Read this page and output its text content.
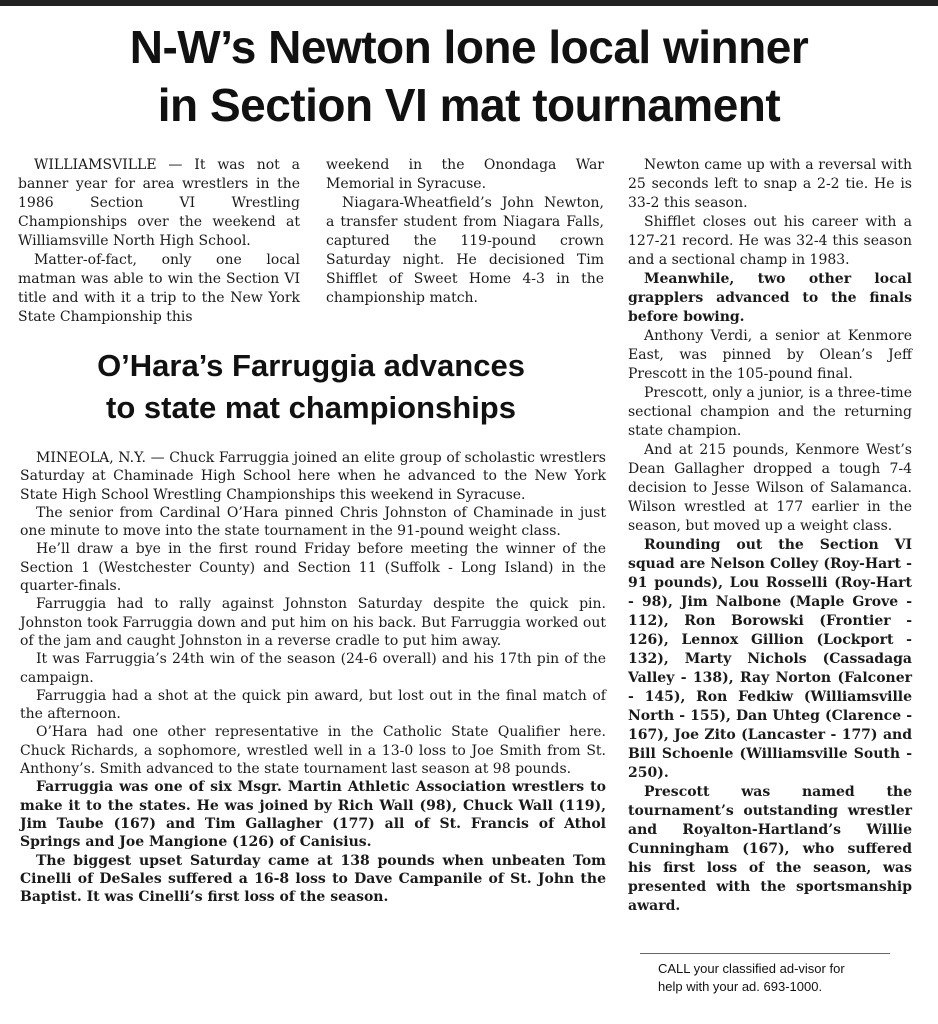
N-W’s Newton lone local winner
in Section VI mat tournament

WILLIAMSVILLE — It was not a banner year for area wrestlers in the 1986 Section VI Wrestling Championships over the weekend at Williamsville North High School.

Matter-of-fact, only one local matman was able to win the Section VI title and with it a trip to the New York State Championship this

weekend in the Onondaga War Memorial in Syracuse.

Niagara-Wheatfield’s John Newton, a transfer student from Niagara Falls, captured the 119-pound crown Saturday night. He decisioned Tim Shifflet of Sweet Home 4-3 in the championship match.

Newton came up with a reversal with 25 seconds left to snap a 2-2 tie. He is 33-2 this season.

Shifflet closes out his career with a 127-21 record. He was 32-4 this season and a sectional champ in 1983.

Meanwhile, two other local grapplers advanced to the finals before bowing.

Anthony Verdi, a senior at Kenmore East, was pinned by Olean’s Jeff Prescott in the 105-pound final.

Prescott, only a junior, is a three-time sectional champion and the returning state champion.

And at 215 pounds, Kenmore West’s Dean Gallagher dropped a tough 7-4 decision to Jesse Wilson of Salamanca. Wilson wrestled at 177 earlier in the season, but moved up a weight class.

Rounding out the Section VI squad are Nelson Colley (Roy-Hart - 91 pounds), Lou Rosselli (Roy-Hart - 98), Jim Nalbone (Maple Grove - 112), Ron Borowski (Frontier - 126), Lennox Gillion (Lockport - 132), Marty Nichols (Cassadaga Valley - 138), Ray Norton (Falconer - 145), Ron Fedkiw (Williamsville North - 155), Dan Uhteg (Clarence - 167), Joe Zito (Lancaster - 177) and Bill Schoenle (Williamsville South - 250).

Prescott was named the tournament’s outstanding wrestler and Royalton-Hartland’s Willie Cunningham (167), who suffered his first loss of the season, was presented with the sportsmanship award.

O’Hara’s Farruggia advances
to state mat championships

MINEOLA, N.Y. — Chuck Farruggia joined an elite group of scholastic wrestlers Saturday at Chaminade High School here when he advanced to the New York State High School Wrestling Championships this weekend in Syracuse.

The senior from Cardinal O’Hara pinned Chris Johnston of Chaminade in just one minute to move into the state tournament in the 91-pound weight class.

He’ll draw a bye in the first round Friday before meeting the winner of the Section 1 (Westchester County) and Section 11 (Suffolk - Long Island) in the quarter-finals.

Farruggia had to rally against Johnston Saturday despite the quick pin. Johnston took Farruggia down and put him on his back. But Farruggia worked out of the jam and caught Johnston in a reverse cradle to put him away.

It was Farruggia’s 24th win of the season (24-6 overall) and his 17th pin of the campaign.

Farruggia had a shot at the quick pin award, but lost out in the final match of the afternoon.

O’Hara had one other representative in the Catholic State Qualifier here. Chuck Richards, a sophomore, wrestled well in a 13-0 loss to Joe Smith from St. Anthony’s. Smith advanced to the state tournament last season at 98 pounds.

Farruggia was one of six Msgr. Martin Athletic Association wrestlers to make it to the states. He was joined by Rich Wall (98), Chuck Wall (119), Jim Taube (167) and Tim Gallagher (177) all of St. Francis of Athol Springs and Joe Mangione (126) of Canisius.

The biggest upset Saturday came at 138 pounds when unbeaten Tom Cinelli of DeSales suffered a 16-8 loss to Dave Campanile of St. John the Baptist. It was Cinelli’s first loss of the season.

CALL your classified ad-visor for
help with your ad. 693-1000.
